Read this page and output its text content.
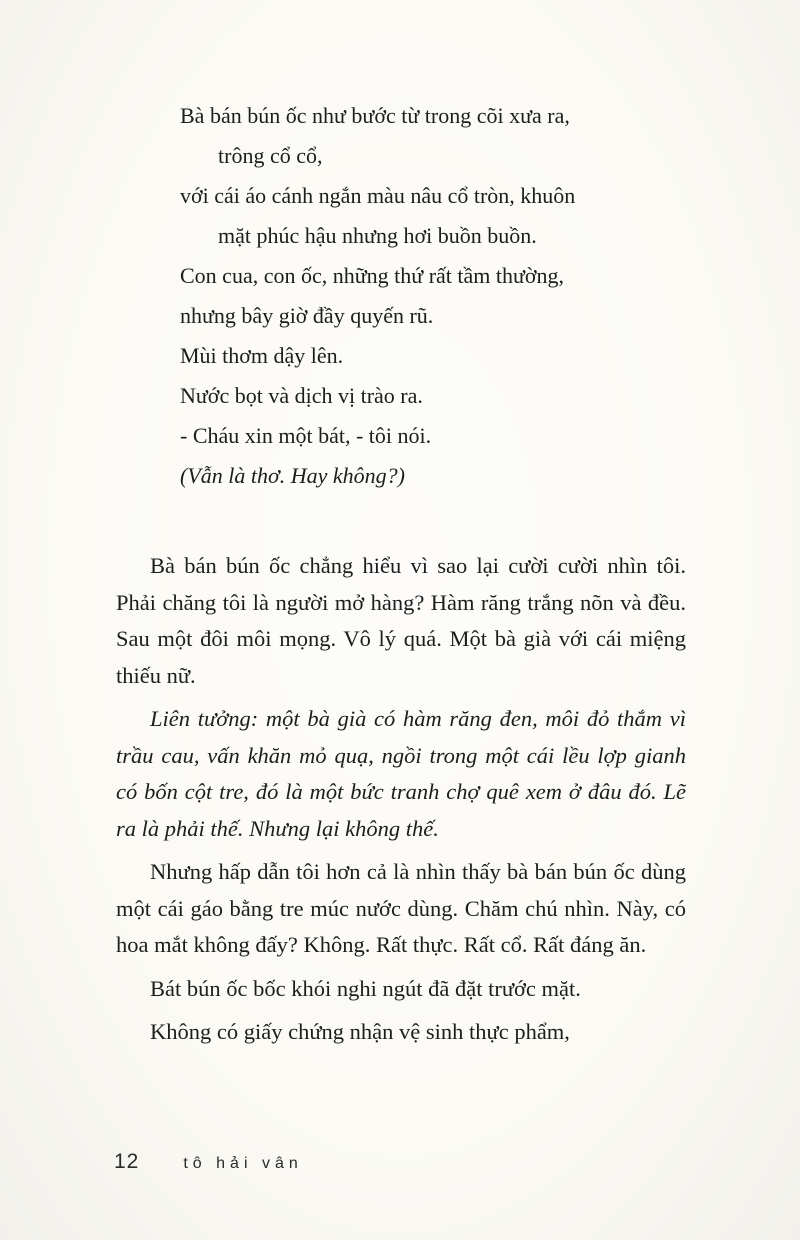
Bà bán bún ốc như bước từ trong cõi xưa ra,
trông cổ cổ,
với cái áo cánh ngắn màu nâu cổ tròn, khuôn
mặt phúc hậu nhưng hơi buồn buồn.
Con cua, con ốc, những thứ rất tầm thường,
nhưng bây giờ đầy quyến rũ.
Mùi thơm dậy lên.
Nước bọt và dịch vị trào ra.
- Cháu xin một bát, - tôi nói.
(Vẫn là thơ. Hay không?)

Bà bán bún ốc chẳng hiểu vì sao lại cười cười nhìn tôi. Phải chăng tôi là người mở hàng? Hàm răng trắng nõn và đều. Sau một đôi môi mọng. Vô lý quá. Một bà già với cái miệng thiếu nữ.

Liên tưởng: một bà già có hàm răng đen, môi đỏ thắm vì trầu cau, vấn khăn mỏ quạ, ngồi trong một cái lều lợp gianh có bốn cột tre, đó là một bức tranh chợ quê xem ở đâu đó. Lẽ ra là phải thế. Nhưng lại không thế.

Nhưng hấp dẫn tôi hơn cả là nhìn thấy bà bán bún ốc dùng một cái gáo bằng tre múc nước dùng. Chăm chú nhìn. Này, có hoa mắt không đấy? Không. Rất thực. Rất cổ. Rất đáng ăn.

Bát bún ốc bốc khói nghi ngút đã đặt trước mặt.

Không có giấy chứng nhận vệ sinh thực phẩm,

12	tô hải vân
